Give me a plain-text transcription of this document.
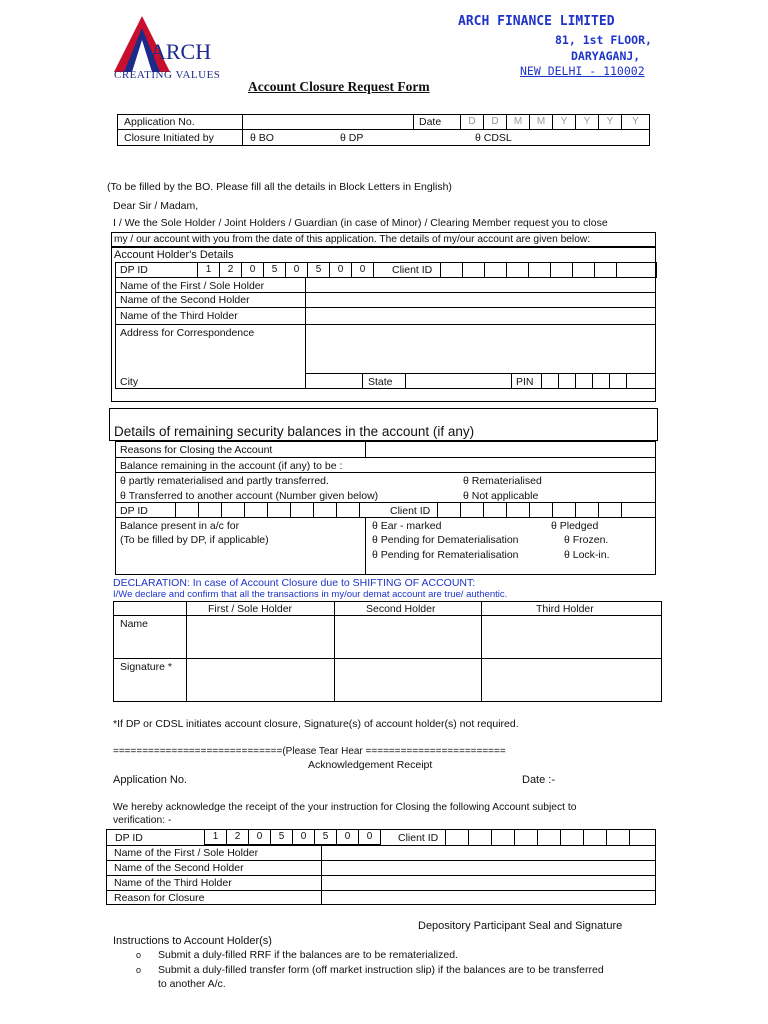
ARCH
CREATING VALUES
ARCH FINANCE LIMITED
81, 1st FLOOR,
DARYAGANJ,
NEW DELHI - 110002
Account Closure Request Form
Application No.	Date	D	D	M	M	Y	Y	Y	Y
Closure Initiated by	θ BO	θ DP	θ CDSL
(To be filled by the BO. Please fill all the details in Block Letters in English)
Dear Sir / Madam,
I / We the Sole Holder / Joint Holders / Guardian (in case of Minor) / Clearing Member request you to close
my / our account with you from the date of this application. The details of my/our account are given below:
Account Holder's Details
DP ID	1	2	0	5	0	5	0	0	Client ID
Name of the First / Sole Holder
Name of the Second Holder
Name of the Third Holder
Address for Correspondence
City	State	PIN
Details of remaining security balances in the account (if any)
Reasons for Closing the Account
Balance remaining in the account (if any) to be :
θ partly rematerialised and partly transferred.	θ Rematerialised
θ Transferred to another account (Number given below)	θ Not applicable
DP ID	Client ID
Balance present in a/c for
(To be filled by DP, if applicable)
θ Ear - marked	θ Pledged
θ Pending for Dematerialisation	θ Frozen.
θ Pending for Rematerialisation	θ Lock-in.
DECLARATION: In case of Account Closure due to SHIFTING OF ACCOUNT:
I/We declare and confirm that all the transactions in my/our demat account are true/ authentic.
First / Sole Holder	Second Holder	Third Holder
Name
Signature *
*If DP or CDSL initiates account closure, Signature(s) of account holder(s) not required.
=============================(Please Tear Hear ========================
Acknowledgement Receipt
Application No.	Date :-
We hereby acknowledge the receipt of the your instruction for Closing the following Account subject to
verification: -
DP ID	1	2	0	5	0	5	0	0	Client ID
Name of the First / Sole Holder
Name of the Second Holder
Name of the Third Holder
Reason for Closure
Depository Participant Seal and Signature
Instructions to Account Holder(s)
o Submit a duly-filled RRF if the balances are to be rematerialized.
o Submit a duly-filled transfer form (off market instruction slip) if the balances are to be transferred
to another A/c.
